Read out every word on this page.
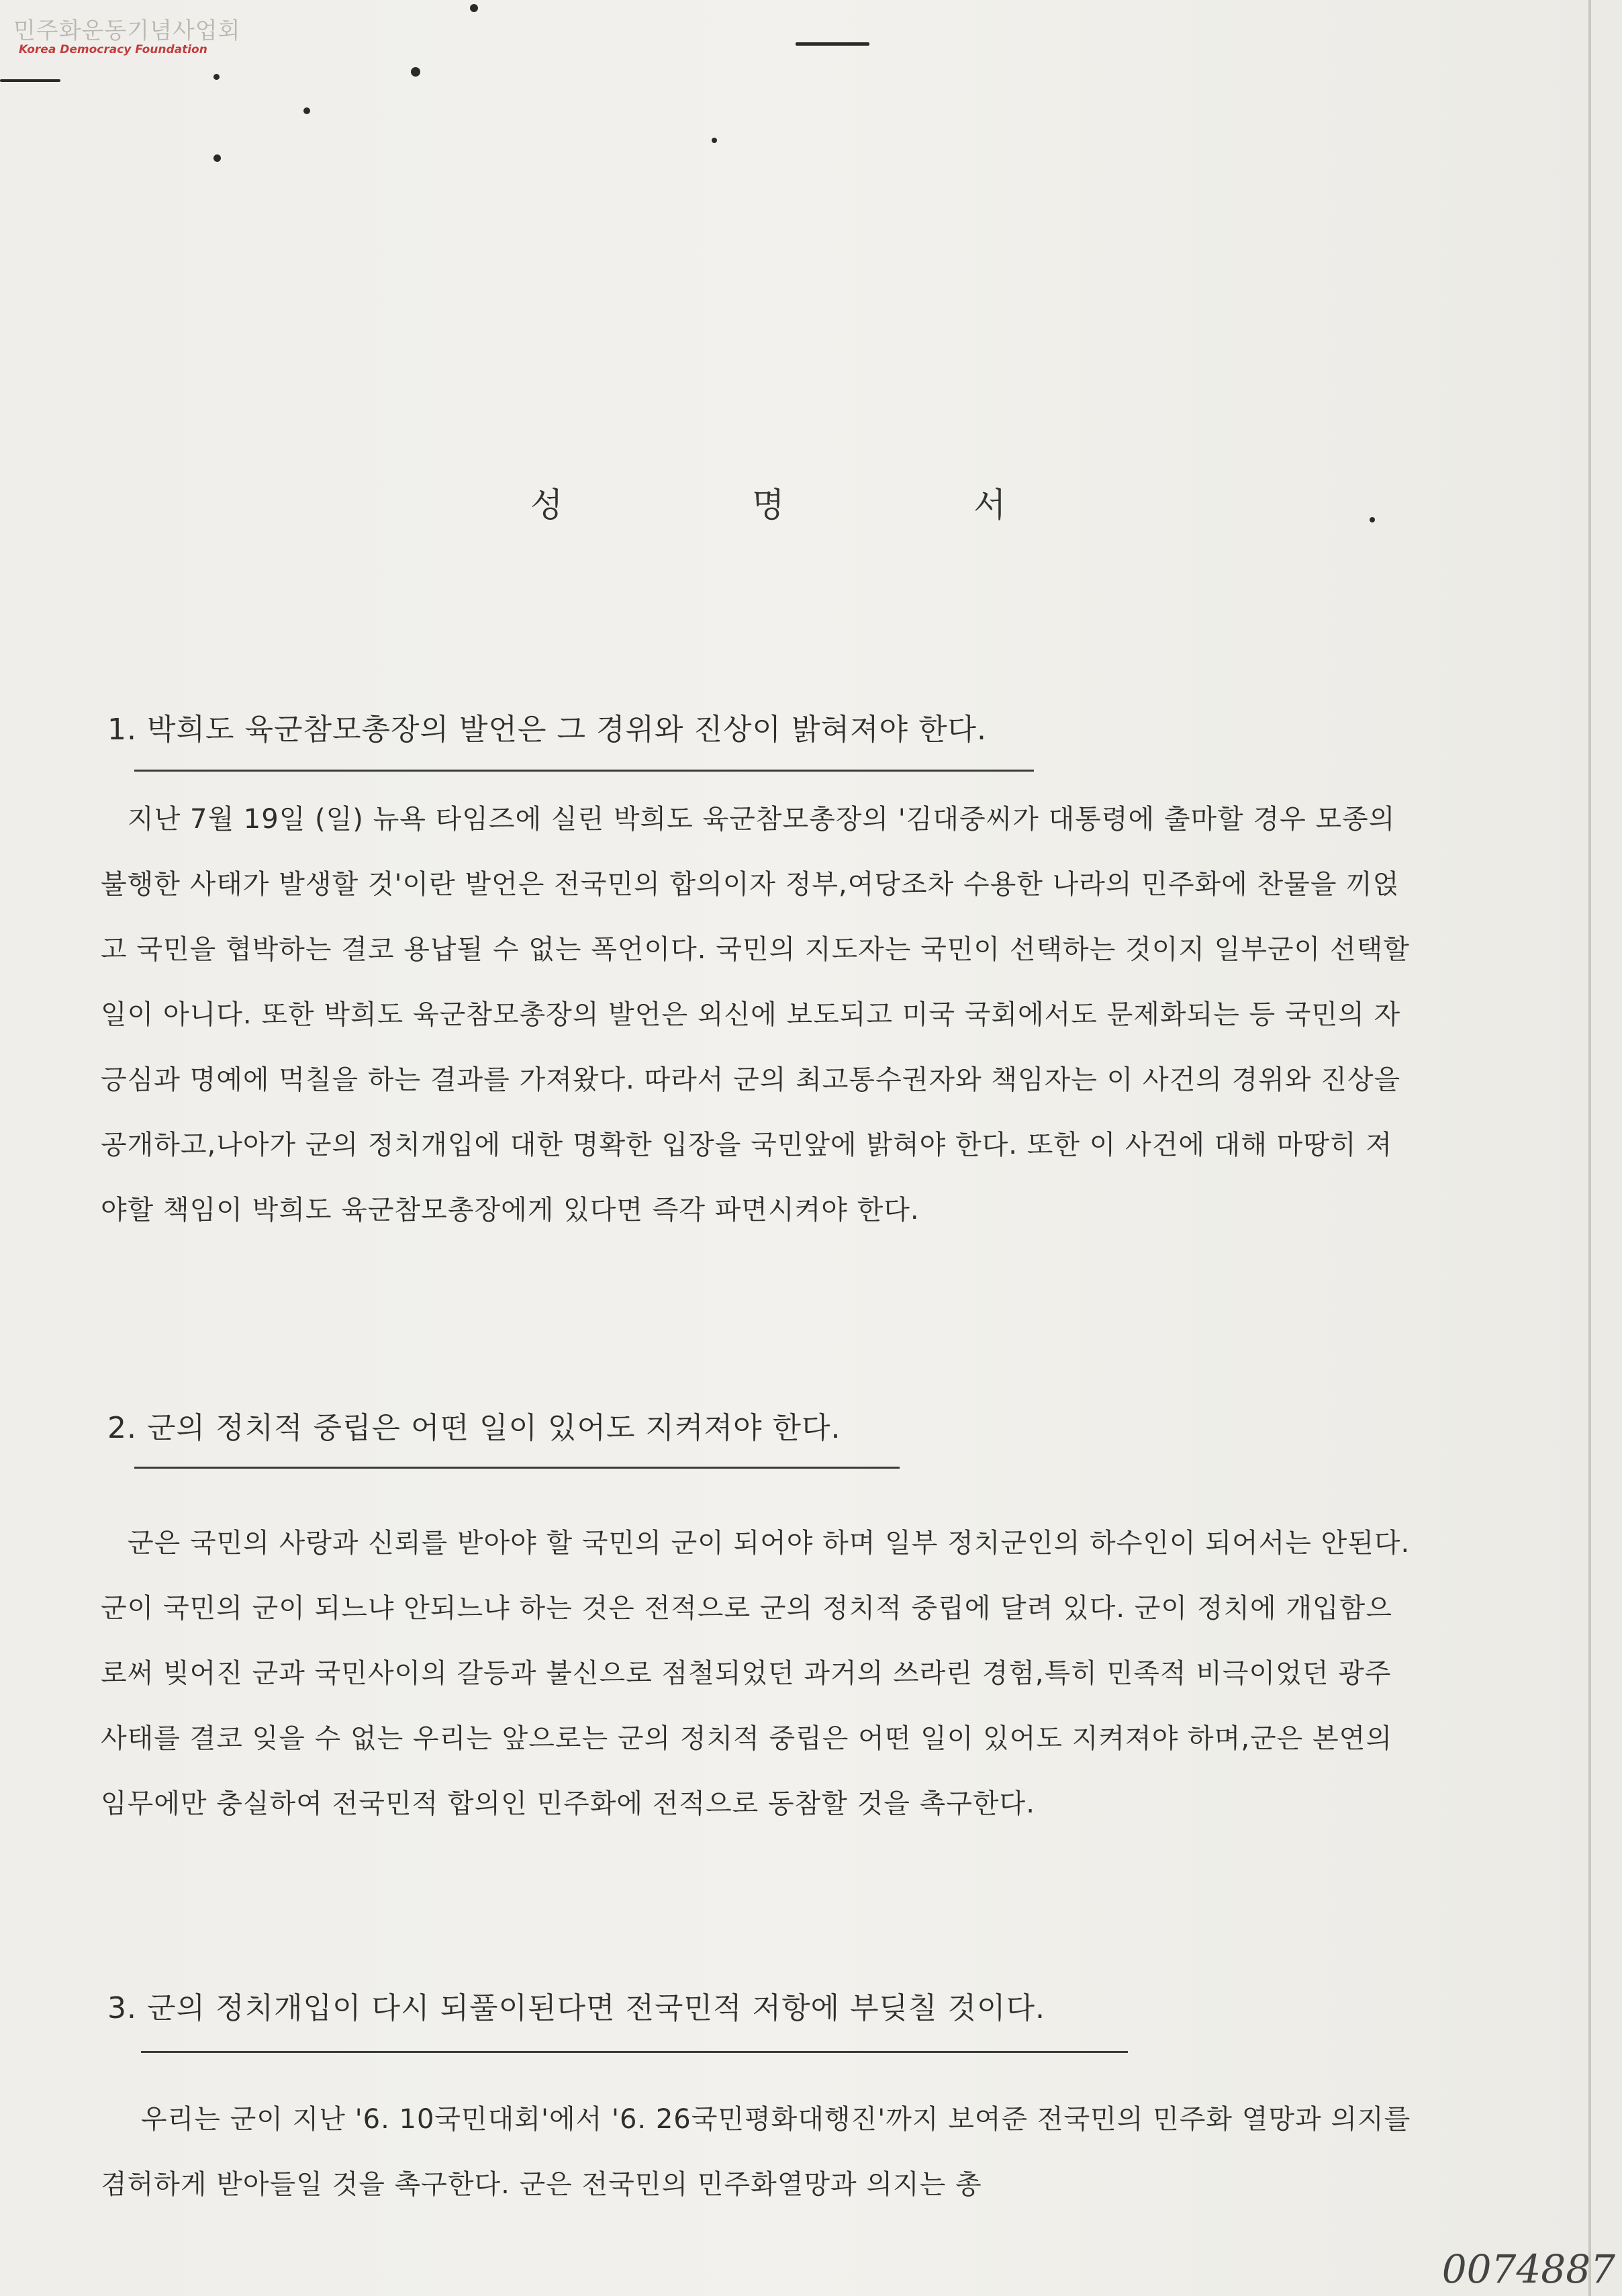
민주화운동기념사업회
Korea Democracy Foundation
성	명	서
1. 박희도 육군참모총장의 발언은 그 경위와 진상이 밝혀져야 한다.
지난 7월 19일 (일) 뉴욕 타임즈에 실린 박희도 육군참모총장의 '김대중씨가 대통령에 출마할 경우 모종의 불행한 사태가 발생할 것'이란 발언은 전국민의 합의이자 정부,여당조차 수용한 나라의 민주화에 찬물을 끼얹고 국민을 협박하는 결코 용납될 수 없는 폭언이다. 국민의 지도자는 국민이 선택하는 것이지 일부군이 선택할 일이 아니다. 또한 박희도 육군참모총장의 발언은 외신에 보도되고 미국 국회에서도 문제화되는 등 국민의 자긍심과 명예에 먹칠을 하는 결과를 가져왔다. 따라서 군의 최고통수권자와 책임자는 이 사건의 경위와 진상을 공개하고,나아가 군의 정치개입에 대한 명확한 입장을 국민앞에 밝혀야 한다. 또한 이 사건에 대해 마땅히 져야할 책임이 박희도 육군참모총장에게 있다면 즉각 파면시켜야 한다.
2. 군의 정치적 중립은 어떤 일이 있어도 지켜져야 한다.
군은 국민의 사랑과 신뢰를 받아야 할 국민의 군이 되어야 하며 일부 정치군인의 하수인이 되어서는 안된다. 군이 국민의 군이 되느냐 안되느냐 하는 것은 전적으로 군의 정치적 중립에 달려 있다. 군이 정치에 개입함으로써 빚어진 군과 국민사이의 갈등과 불신으로 점철되었던 과거의 쓰라린 경험,특히 민족적 비극이었던 광주사태를 결코 잊을 수 없는 우리는 앞으로는 군의 정치적 중립은 어떤 일이 있어도 지켜져야 하며,군은 본연의 임무에만 충실하여 전국민적 합의인 민주화에 전적으로 동참할 것을 촉구한다.
3. 군의 정치개입이 다시 되풀이된다면 전국민적 저항에 부딪칠 것이다.
우리는 군이 지난 '6. 10국민대회'에서 '6. 26국민평화대행진'까지 보여준 전국민의 민주화 열망과 의지를 겸허하게 받아들일 것을 촉구한다. 군은 전국민의 민주화열망과 의지는 총
0074887
